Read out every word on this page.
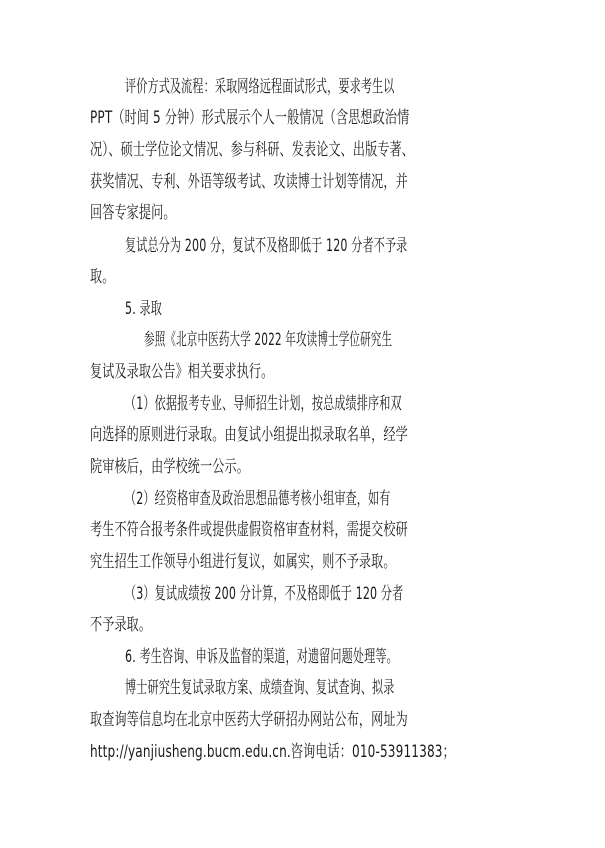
评价方式及流程：采取网络远程面试形式，要求考生以
PPT（时间 5 分钟）形式展示个人一般情况（含思想政治情
况）、硕士学位论文情况、参与科研、发表论文、出版专著、
获奖情况、专利、外语等级考试、攻读博士计划等情况，并
回答专家提问。
复试总分为 200 分，复试不及格即低于 120 分者不予录
取。
5. 录取
参照《北京中医药大学 2022 年攻读博士学位研究生
复试及录取公告》相关要求执行。
（1）依据报考专业、导师招生计划，按总成绩排序和双
向选择的原则进行录取。由复试小组提出拟录取名单，经学
院审核后，由学校统一公示。
（2）经资格审查及政治思想品德考核小组审查，如有
考生不符合报考条件或提供虚假资格审查材料，需提交校研
究生招生工作领导小组进行复议，如属实，则不予录取。
（3）复试成绩按 200 分计算，不及格即低于 120 分者
不予录取。
6. 考生咨询、申诉及监督的渠道，对遗留问题处理等。
博士研究生复试录取方案、成绩查询、复试查询、拟录
取查询等信息均在北京中医药大学研招办网站公布，网址为
http://yanjiusheng.bucm.edu.cn.咨询电话：010-53911383；
